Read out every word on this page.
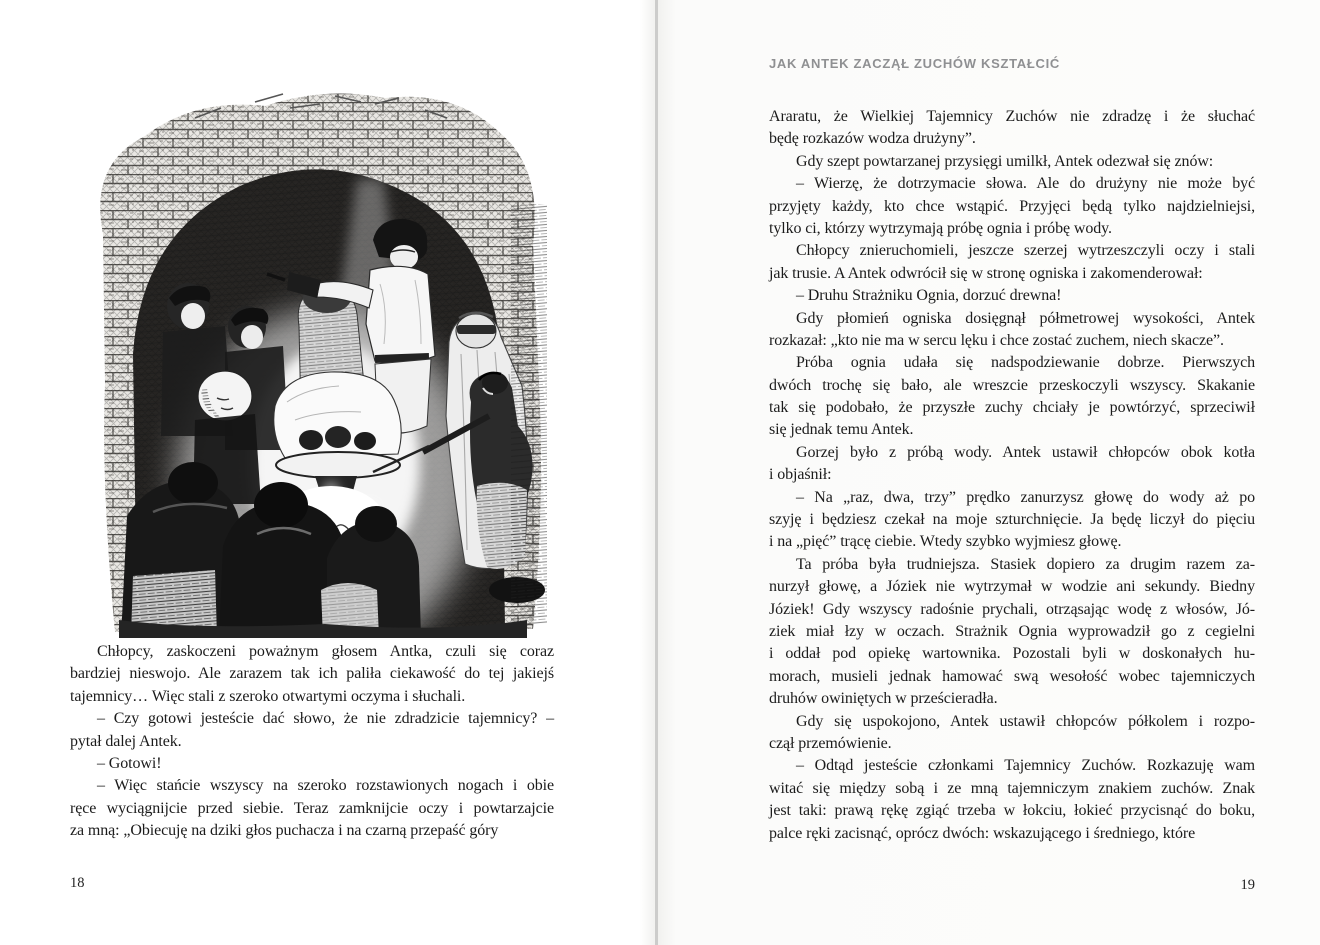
Chłopcy, zaskoczeni poważnym głosem Antka, czuli się coraz
bardziej nieswojo. Ale zarazem tak ich paliła ciekawość do tej jakiejś
tajemnicy… Więc stali z szeroko otwartymi oczyma i słuchali.
– Czy gotowi jesteście dać słowo, że nie zdradzicie tajemnicy? –
pytał dalej Antek.
– Gotowi!
– Więc stańcie wszyscy na szeroko rozstawionych nogach i obie
ręce wyciągnijcie przed siebie. Teraz zamknijcie oczy i powtarzajcie
za mną: „Obiecuję na dziki głos puchacza i na czarną przepaść góry
18
JAK ANTEK ZACZĄŁ ZUCHÓW KSZTAŁCIĆ
Araratu, że Wielkiej Tajemnicy Zuchów nie zdradzę i że słuchać
będę rozkazów wodza drużyny”.
Gdy szept powtarzanej przysięgi umilkł, Antek odezwał się znów:
– Wierzę, że dotrzymacie słowa. Ale do drużyny nie może być
przyjęty każdy, kto chce wstąpić. Przyjęci będą tylko najdzielniejsi,
tylko ci, którzy wytrzymają próbę ognia i próbę wody.
Chłopcy znieruchomieli, jeszcze szerzej wytrzeszczyli oczy i stali
jak trusie. A Antek odwrócił się w stronę ogniska i zakomenderował:
– Druhu Strażniku Ognia, dorzuć drewna!
Gdy płomień ogniska dosięgnął półmetrowej wysokości, Antek
rozkazał: „kto nie ma w sercu lęku i chce zostać zuchem, niech skacze”.
Próba ognia udała się nadspodziewanie dobrze. Pierwszych
dwóch trochę się bało, ale wreszcie przeskoczyli wszyscy. Skakanie
tak się podobało, że przyszłe zuchy chciały je powtórzyć, sprzeciwił
się jednak temu Antek.
Gorzej było z próbą wody. Antek ustawił chłopców obok kotła
i objaśnił:
– Na „raz, dwa, trzy” prędko zanurzysz głowę do wody aż po
szyję i będziesz czekał na moje szturchnięcie. Ja będę liczył do pięciu
i na „pięć” trącę ciebie. Wtedy szybko wyjmiesz głowę.
Ta próba była trudniejsza. Stasiek dopiero za drugim razem za-
nurzył głowę, a Józiek nie wytrzymał w wodzie ani sekundy. Biedny
Józiek! Gdy wszyscy radośnie prychali, otrząsając wodę z włosów, Jó-
ziek miał łzy w oczach. Strażnik Ognia wyprowadził go z cegielni
i oddał pod opiekę wartownika. Pozostali byli w doskonałych hu-
morach, musieli jednak hamować swą wesołość wobec tajemniczych
druhów owiniętych w prześcieradła.
Gdy się uspokojono, Antek ustawił chłopców półkolem i rozpo-
czął przemówienie.
– Odtąd jesteście członkami Tajemnicy Zuchów. Rozkazuję wam
witać się między sobą i ze mną tajemniczym znakiem zuchów. Znak
jest taki: prawą rękę zgiąć trzeba w łokciu, łokieć przycisnąć do boku,
palce ręki zacisnąć, oprócz dwóch: wskazującego i średniego, które
19
